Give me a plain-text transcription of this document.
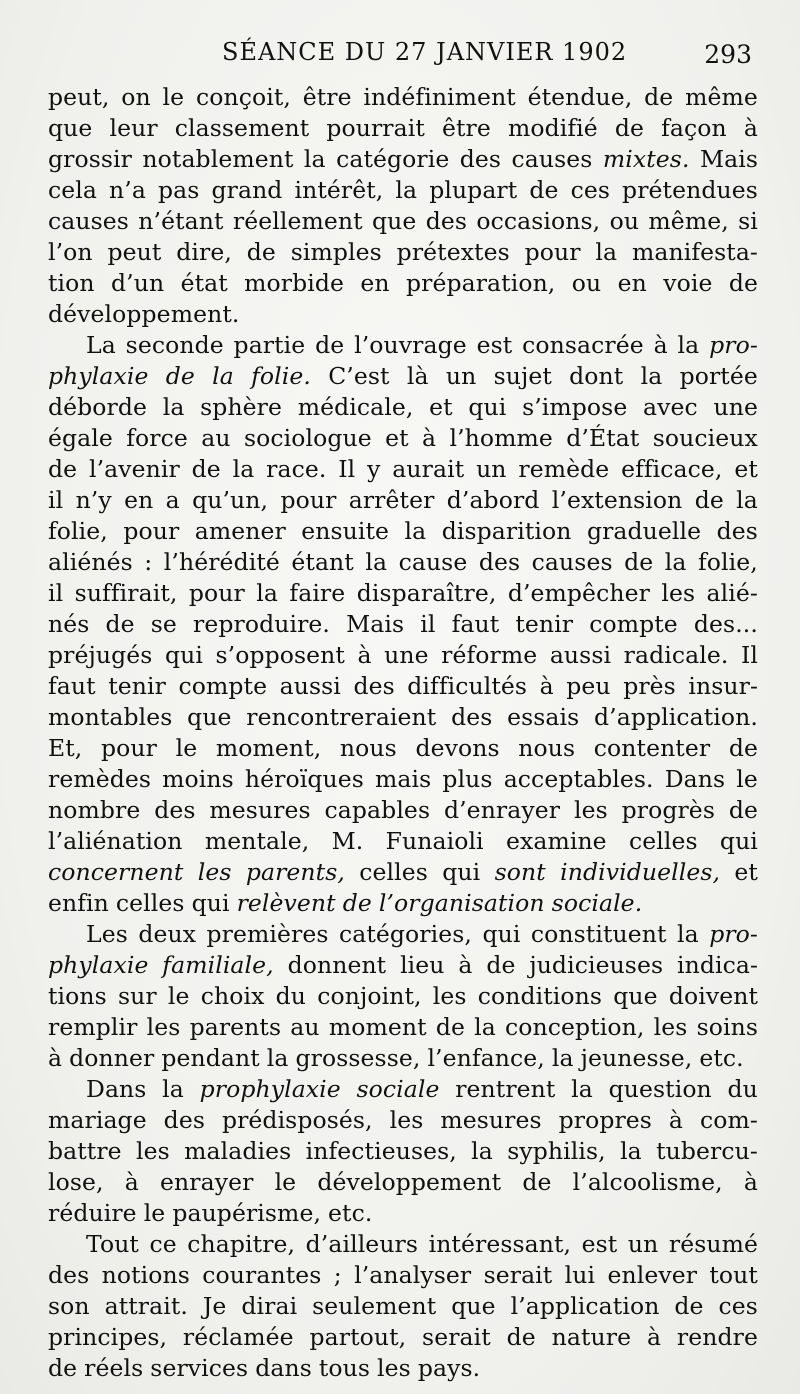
SÉANCE DU 27 JANVIER 1902	293
peut, on le conçoit, être indéfiniment étendue, de même
que leur classement pourrait être modifié de façon à
grossir notablement la catégorie des causes mixtes. Mais
cela n’a pas grand intérêt, la plupart de ces prétendues
causes n’étant réellement que des occasions, ou même, si
l’on peut dire, de simples prétextes pour la manifesta-
tion d’un état morbide en préparation, ou en voie de
développement.
La seconde partie de l’ouvrage est consacrée à la pro-
phylaxie de la folie. C’est là un sujet dont la portée
déborde la sphère médicale, et qui s’impose avec une
égale force au sociologue et à l’homme d’État soucieux
de l’avenir de la race. Il y aurait un remède efficace, et
il n’y en a qu’un, pour arrêter d’abord l’extension de la
folie, pour amener ensuite la disparition graduelle des
aliénés : l’hérédité étant la cause des causes de la folie,
il suffirait, pour la faire disparaître, d’empêcher les alié-
nés de se reproduire. Mais il faut tenir compte des...
préjugés qui s’opposent à une réforme aussi radicale. Il
faut tenir compte aussi des difficultés à peu près insur-
montables que rencontreraient des essais d’application.
Et, pour le moment, nous devons nous contenter de
remèdes moins héroïques mais plus acceptables. Dans le
nombre des mesures capables d’enrayer les progrès de
l’aliénation mentale, M. Funaioli examine celles qui
concernent les parents, celles qui sont individuelles, et
enfin celles qui relèvent de l’organisation sociale.
Les deux premières catégories, qui constituent la pro-
phylaxie familiale, donnent lieu à de judicieuses indica-
tions sur le choix du conjoint, les conditions que doivent
remplir les parents au moment de la conception, les soins
à donner pendant la grossesse, l’enfance, la jeunesse, etc.
Dans la prophylaxie sociale rentrent la question du
mariage des prédisposés, les mesures propres à com-
battre les maladies infectieuses, la syphilis, la tubercu-
lose, à enrayer le développement de l’alcoolisme, à
réduire le paupérisme, etc.
Tout ce chapitre, d’ailleurs intéressant, est un résumé
des notions courantes ; l’analyser serait lui enlever tout
son attrait. Je dirai seulement que l’application de ces
principes, réclamée partout, serait de nature à rendre
de réels services dans tous les pays.
